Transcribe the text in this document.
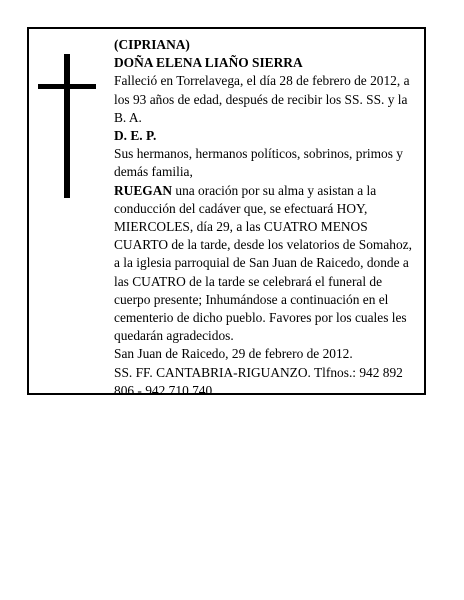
(CIPRIANA)

DOÑA ELENA LIAÑO SIERRA

Falleció en Torrelavega, el día 28 de febrero de 2012, a los 93 años de edad, después de recibir los SS. SS. y la B. A.

D. E. P.

Sus hermanos, hermanos políticos, sobrinos, primos y demás familia,

RUEGAN una oración por su alma y asistan a la conducción del cadáver que, se efectuará HOY, MIERCOLES, día 29, a las CUATRO MENOS CUARTO de la tarde, desde los velatorios de Somahoz, a la iglesia parroquial de San Juan de Raicedo, donde a las CUATRO de la tarde se celebrará el funeral de cuerpo presente; Inhumándose a continuación en el cementerio de dicho pueblo. Favores por los cuales les quedarán agradecidos.

San Juan de Raicedo, 29 de febrero de 2012.

SS. FF. CANTABRIA-RIGUANZO. Tlfnos.: 942 892 806 - 942 710 740.
